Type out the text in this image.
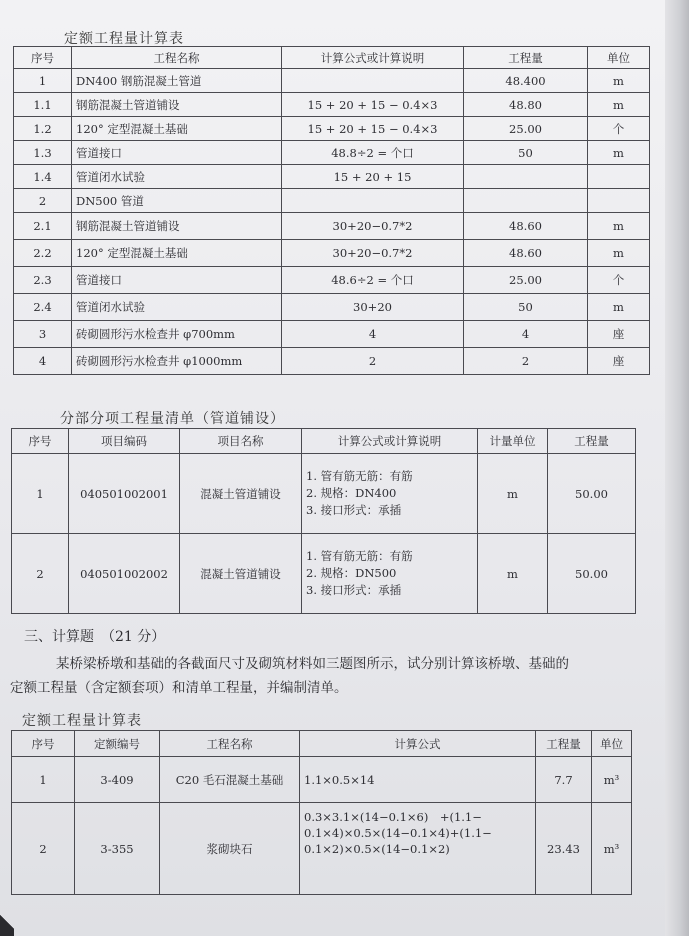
定额工程量计算表
序号	工程名称	计算公式或计算说明	工程量	单位
1	DN400 钢筋混凝土管道		48.400	m
1.1	钢筋混凝土管道铺设	15 + 20 + 15 − 0.4×3	48.80	m
1.2	120° 定型混凝土基础	15 + 20 + 15 − 0.4×3	25.00	个
1.3	管道接口	48.8÷2 = 个口	50	m
1.4	管道闭水试验	15 + 20 + 15		
2	DN500 管道			
2.1	钢筋混凝土管道铺设	30+20−0.7*2	48.60	m
2.2	120° 定型混凝土基础	30+20−0.7*2	48.60	m
2.3	管道接口	48.6÷2 = 个口	25.00	个
2.4	管道闭水试验	30+20	50	m
3	砖砌圆形污水检查井 φ700mm	4	4	座
4	砖砌圆形污水检查井 φ1000mm	2	2	座
分部分项工程量清单（管道铺设）
序号	项目编码	项目名称	计算公式或计算说明	计量单位	工程量
1	040501002001	混凝土管道铺设	1. 管有筋无筋：有筋
2. 规格：DN400
3. 接口形式：承插	m	50.00
2	040501002002	混凝土管道铺设	1. 管有筋无筋：有筋
2. 规格：DN500
3. 接口形式：承插	m	50.00
三、计算题　（21 分）
某桥梁桥墩和基础的各截面尺寸及砌筑材料如三题图所示，试分别计算该桥墩、基础的
定额工程量（含定额套项）和清单工程量，并编制清单。
定额工程量计算表
序号	定额编号	工程名称	计算公式	工程量	单位
1	3-409	C20 毛石混凝土基础	1.1×0.5×14	7.7	m³
2	3-355	浆砌块石	0.3×3.1×(14−0.1×6)　+(1.1−
0.1×4)×0.5×(14−0.1×4)+(1.1−
0.1×2)×0.5×(14−0.1×2)	23.43	m³
